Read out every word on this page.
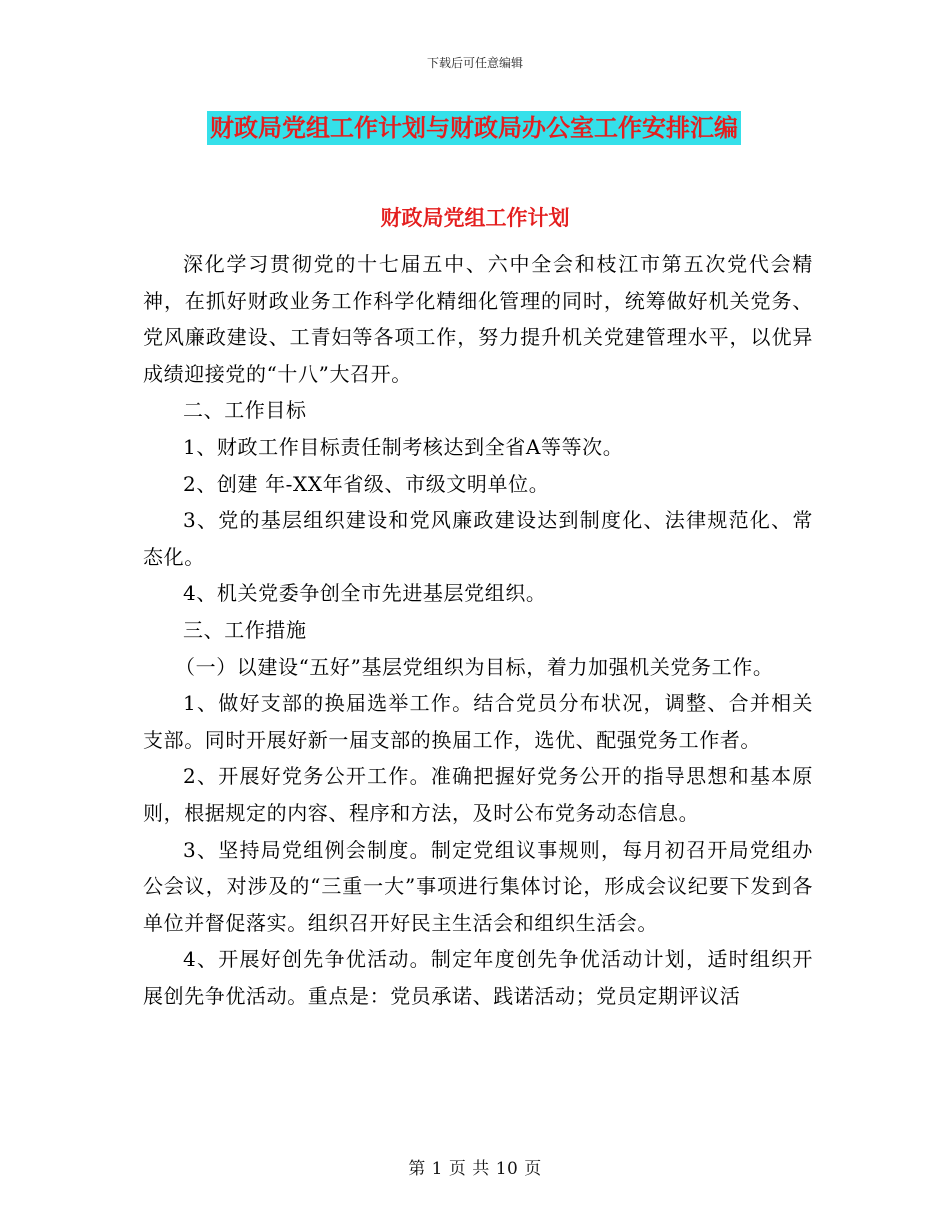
下载后可任意编辑
财政局党组工作计划与财政局办公室工作安排汇编
财政局党组工作计划

深化学习贯彻党的十七届五中、六中全会和枝江市第五次党代会精神，在抓好财政业务工作科学化精细化管理的同时，统筹做好机关党务、党风廉政建设、工青妇等各项工作，努力提升机关党建管理水平，以优异成绩迎接党的“十八”大召开。

二、工作目标

1、财政工作目标责任制考核达到全省A等等次。

2、创建 年-XX年省级、市级文明单位。

3、党的基层组织建设和党风廉政建设达到制度化、法律规范化、常态化。

4、机关党委争创全市先进基层党组织。

三、工作措施

（一）以建设“五好”基层党组织为目标，着力加强机关党务工作。

1、做好支部的换届选举工作。结合党员分布状况，调整、合并相关支部。同时开展好新一届支部的换届工作，选优、配强党务工作者。

2、开展好党务公开工作。准确把握好党务公开的指导思想和基本原则，根据规定的内容、程序和方法，及时公布党务动态信息。

3、坚持局党组例会制度。制定党组议事规则，每月初召开局党组办公会议，对涉及的“三重一大”事项进行集体讨论，形成会议纪要下发到各单位并督促落实。组织召开好民主生活会和组织生活会。

4、开展好创先争优活动。制定年度创先争优活动计划，适时组织开展创先争优活动。重点是：党员承诺、践诺活动；党员定期评议活

第 1 页 共 10 页
